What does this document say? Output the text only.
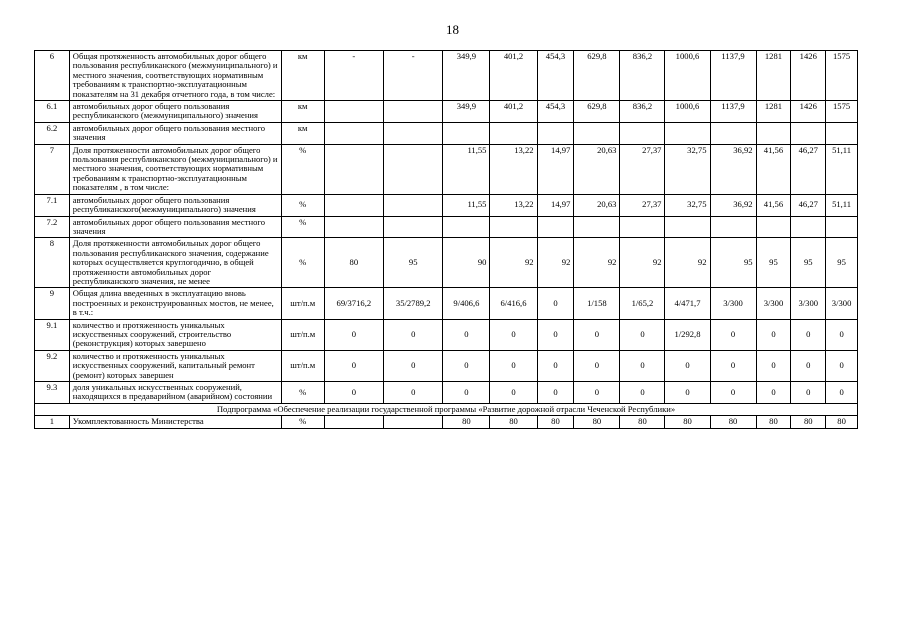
18
6	Общая протяженность автомобильных дорог общего пользования республиканского (межмуниципального) и местного значения, соответствующих нормативным требованиям к транспортно-эксплуатационным показателям на 31 декабря отчетного года, в том числе:	км	-	-	349,9	401,2	454,3	629,8	836,2	1000,6	1137,9	1281	1426	1575
6.1	автомобильных дорог общего пользования республиканского (межмуниципального) значения	км			349,9	401,2	454,3	629,8	836,2	1000,6	1137,9	1281	1426	1575
6.2	автомобильных дорог общего пользования местного значения	км												
7	Доля протяженности автомобильных дорог общего пользования республиканского (межмуниципального) и местного значения, соответствующих нормативным требованиям к транспортно-эксплуатационным показателям , в том числе:	%			11,55	13,22	14,97	20,63	27,37	32,75	36,92	41,56	46,27	51,11
7.1	автомобильных дорог общего пользования республиканского(межмуниципального) значения	%			11,55	13,22	14,97	20,63	27,37	32,75	36,92	41,56	46,27	51,11
7.2	автомобильных дорог общего пользования местного значения	%												
8	Доля протяженности автомобильных дорог общего пользования республиканского значения, содержание которых осуществляется круглогодично, в общей протяженности автомобильных дорог республиканского значения, не менее	%	80	95	90	92	92	92	92	92	95	95	95	95
9	Общая длина введенных в эксплуатацию вновь построенных и реконструированных мостов, не менее, в т.ч.:	шт/п.м	69/3716,2	35/2789,2	9/406,6	6/416,6	0	1/158	1/65,2	4/471,7	3/300	3/300	3/300	3/300
9.1	количество и протяженность уникальных искусственных сооружений, строительство (реконструкция) которых завершено	шт/п.м	0	0	0	0	0	0	0	1/292,8	0	0	0	0
9.2	количество и протяженность уникальных искусственных сооружений, капитальный ремонт (ремонт) которых завершен	шт/п.м	0	0	0	0	0	0	0	0	0	0	0	0
9.3	доля уникальных искусственных сооружений, находящихся в предаварийном (аварийном) состоянии	%	0	0	0	0	0	0	0	0	0	0	0	0
Подпрограмма «Обеспечение реализации государственной программы «Развитие дорожной отрасли Чеченской Республики»														
1	Укомплектованность Министерства	%			80	80	80	80	80	80	80	80	80	80
